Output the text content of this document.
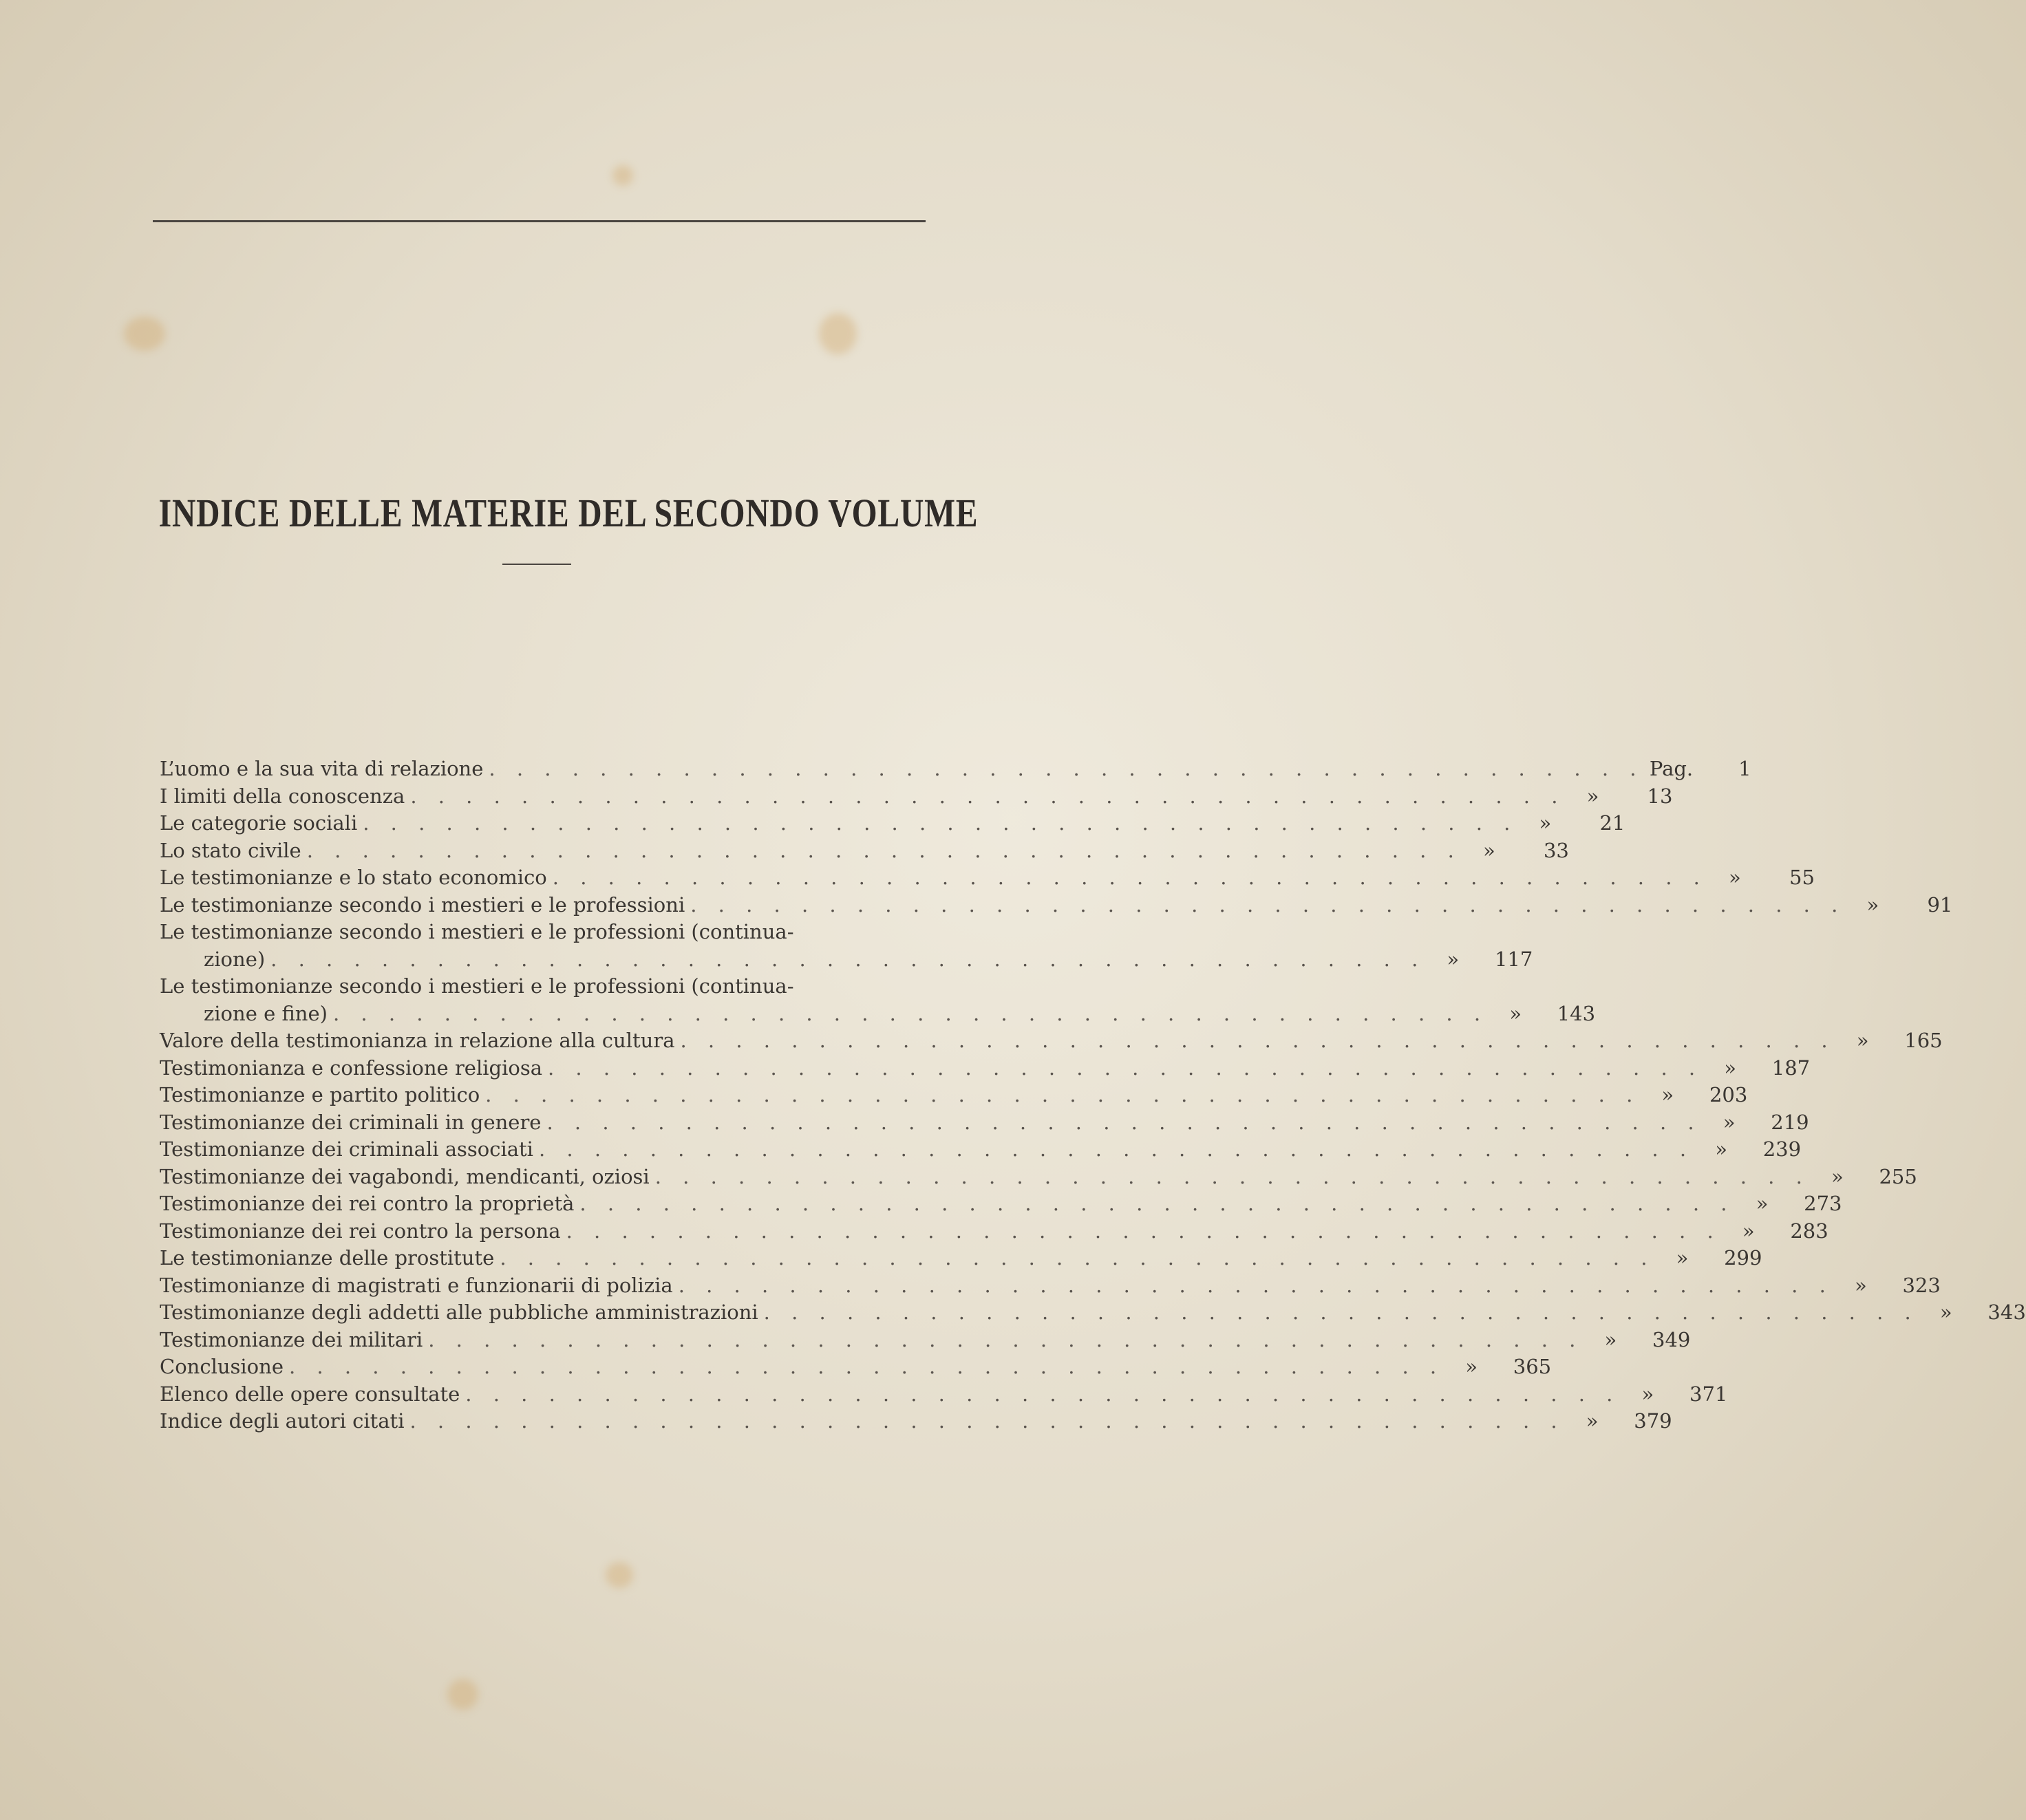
INDICE DELLE MATERIE DEL SECONDO VOLUME
L’uomo e la sua vita di relazione . . . . . . . . . . . . . . . . . . . . . . . . . . . . . . . . . . . . . . . . . . Pag.	1
I limiti della conoscenza . . . . . . . . . . . . . . . . . . . . . . . . . . . . . . . . . . . . . . . . . .	»	13
Le categorie sociali . . . . . . . . . . . . . . . . . . . . . . . . . . . . . . . . . . . . . . . . . .	»	21
Lo stato civile . . . . . . . . . . . . . . . . . . . . . . . . . . . . . . . . . . . . . . . . . .	»	33
Le testimonianze e lo stato economico . . . . . . . . . . . . . . . . . . . . . . . . . . . . . . . . . . . . . . . . . .	»	55
Le testimonianze secondo i mestieri e le professioni . . . . . . . . . . . . . . . . . . . . . . . . . . . . . . . . . . . . . . . . . .	»	91
Le testimonianze secondo i mestieri e le professioni (continua-
zione) . . . . . . . . . . . . . . . . . . . . . . . . . . . . . . . . . . . . . . . . . .	»	117
Le testimonianze secondo i mestieri e le professioni (continua-
zione e fine) . . . . . . . . . . . . . . . . . . . . . . . . . . . . . . . . . . . . . . . . . .	»	143
Valore della testimonianza in relazione alla cultura . . . . . . . . . . . . . . . . . . . . . . . . . . . . . . . . . . . . . . . . . .	»	165
Testimonianza e confessione religiosa . . . . . . . . . . . . . . . . . . . . . . . . . . . . . . . . . . . . . . . . . .	»	187
Testimonianze e partito politico . . . . . . . . . . . . . . . . . . . . . . . . . . . . . . . . . . . . . . . . . .	»	203
Testimonianze dei criminali in genere . . . . . . . . . . . . . . . . . . . . . . . . . . . . . . . . . . . . . . . . . .	»	219
Testimonianze dei criminali associati . . . . . . . . . . . . . . . . . . . . . . . . . . . . . . . . . . . . . . . . . .	»	239
Testimonianze dei vagabondi, mendicanti, oziosi . . . . . . . . . . . . . . . . . . . . . . . . . . . . . . . . . . . . . . . . . .	»	255
Testimonianze dei rei contro la proprietà . . . . . . . . . . . . . . . . . . . . . . . . . . . . . . . . . . . . . . . . . .	»	273
Testimonianze dei rei contro la persona . . . . . . . . . . . . . . . . . . . . . . . . . . . . . . . . . . . . . . . . . .	»	283
Le testimonianze delle prostitute . . . . . . . . . . . . . . . . . . . . . . . . . . . . . . . . . . . . . . . . . .	»	299
Testimonianze di magistrati e funzionarii di polizia . . . . . . . . . . . . . . . . . . . . . . . . . . . . . . . . . . . . . . . . . .	»	323
Testimonianze degli addetti alle pubbliche amministrazioni . . . . . . . . . . . . . . . . . . . . . . . . . . . . . . . . . . . . . . . . . .	»	343
Testimonianze dei militari . . . . . . . . . . . . . . . . . . . . . . . . . . . . . . . . . . . . . . . . . .	»	349
Conclusione . . . . . . . . . . . . . . . . . . . . . . . . . . . . . . . . . . . . . . . . . .	»	365
Elenco delle opere consultate . . . . . . . . . . . . . . . . . . . . . . . . . . . . . . . . . . . . . . . . . .	»	371
Indice degli autori citati . . . . . . . . . . . . . . . . . . . . . . . . . . . . . . . . . . . . . . . . . .	»	379
